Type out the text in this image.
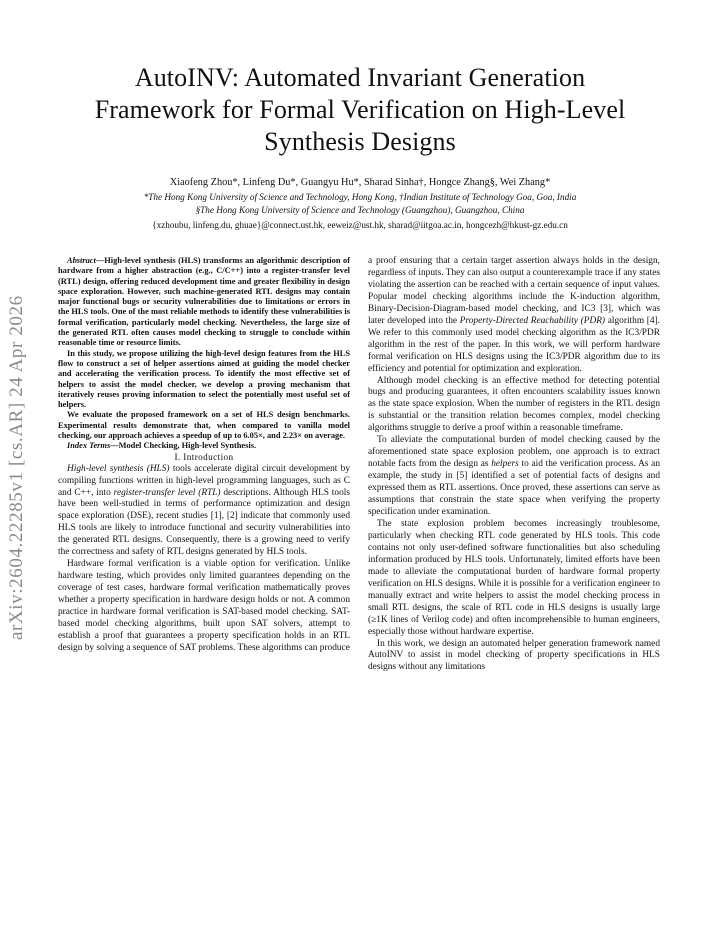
AutoINV: Automated Invariant Generation
Framework for Formal Verification on High-Level
Synthesis Designs
Xiaofeng Zhou*, Linfeng Du*, Guangyu Hu*, Sharad Sinha†, Hongce Zhang§, Wei Zhang*
*The Hong Kong University of Science and Technology, Hong Kong, †Indian Institute of Technology Goa, Goa, India
§The Hong Kong University of Science and Technology (Guangzhou), Guangzhou, China
{xzhoubu, linfeng.du, ghuae}@connect.ust.hk, eeweiz@ust.hk, sharad@iitgoa.ac.in, hongcezh@hkust-gz.edu.cn
arXiv:2604.22285v1 [cs.AR] 24 Apr 2026

Abstract—High-level synthesis (HLS) transforms an algorithmic description of hardware from a higher abstraction (e.g., C/C++) into a register-transfer level (RTL) design, offering reduced development time and greater flexibility in design space exploration. However, such machine-generated RTL designs may contain major functional bugs or security vulnerabilities due to limitations or errors in the HLS tools. One of the most reliable methods to identify these vulnerabilities is formal verification, particularly model checking. Nevertheless, the large size of the generated RTL often causes model checking to struggle to conclude within reasonable time or resource limits.

In this study, we propose utilizing the high-level design features from the HLS flow to construct a set of helper assertions aimed at guiding the model checker and accelerating the verification process. To identify the most effective set of helpers to assist the model checker, we develop a proving mechanism that iteratively reuses proving information to select the potentially most useful set of helpers.

We evaluate the proposed framework on a set of HLS design benchmarks. Experimental results demonstrate that, when compared to vanilla model checking, our approach achieves a speedup of up to 6.05×, and 2.23× on average.

Index Terms—Model Checking, High-level Synthesis.

I. Introduction

High-level synthesis (HLS) tools accelerate digital circuit development by compiling functions written in high-level programming languages, such as C and C++, into register-transfer level (RTL) descriptions. Although HLS tools have been well-studied in terms of performance optimization and design space exploration (DSE), recent studies [1], [2] indicate that commonly used HLS tools are likely to introduce functional and security vulnerabilities into the generated RTL designs. Consequently, there is a growing need to verify the correctness and safety of RTL designs generated by HLS tools.

Hardware formal verification is a viable option for verification. Unlike hardware testing, which provides only limited guarantees depending on the coverage of test cases, hardware formal verification mathematically proves whether a property specification in hardware design holds or not. A common practice in hardware formal verification is SAT-based model checking. SAT-based model checking algorithms, built upon SAT solvers, attempt to establish a proof that guarantees a property specification holds in an RTL design by solving a sequence of SAT problems. These algorithms can produce

a proof ensuring that a certain target assertion always holds in the design, regardless of inputs. They can also output a counterexample trace if any states violating the assertion can be reached with a certain sequence of input values. Popular model checking algorithms include the K-induction algorithm, Binary-Decision-Diagram-based model checking, and IC3 [3], which was later developed into the Property-Directed Reachability (PDR) algorithm [4]. We refer to this commonly used model checking algorithm as the IC3/PDR algorithm in the rest of the paper. In this work, we will perform hardware formal verification on HLS designs using the IC3/PDR algorithm due to its efficiency and potential for optimization and exploration.

Although model checking is an effective method for detecting potential bugs and producing guarantees, it often encounters scalability issues known as the state space explosion. When the number of registers in the RTL design is substantial or the transition relation becomes complex, model checking algorithms struggle to derive a proof within a reasonable timeframe.

To alleviate the computational burden of model checking caused by the aforementioned state space explosion problem, one approach is to extract notable facts from the design as helpers to aid the verification process. As an example, the study in [5] identified a set of potential facts of designs and expressed them as RTL assertions. Once proved, these assertions can serve as assumptions that constrain the state space when verifying the property specification under examination.

The state explosion problem becomes increasingly troublesome, particularly when checking RTL code generated by HLS tools. This code contains not only user-defined software functionalities but also scheduling information produced by HLS tools. Unfortunately, limited efforts have been made to alleviate the computational burden of hardware formal property verification on HLS designs. While it is possible for a verification engineer to manually extract and write helpers to assist the model checking process in small RTL designs, the scale of RTL code in HLS designs is usually large (≥1K lines of Verilog code) and often incomprehensible to human engineers, especially those without hardware expertise.

In this work, we design an automated helper generation framework named AutoINV to assist in model checking of property specifications in HLS designs without any limitations
